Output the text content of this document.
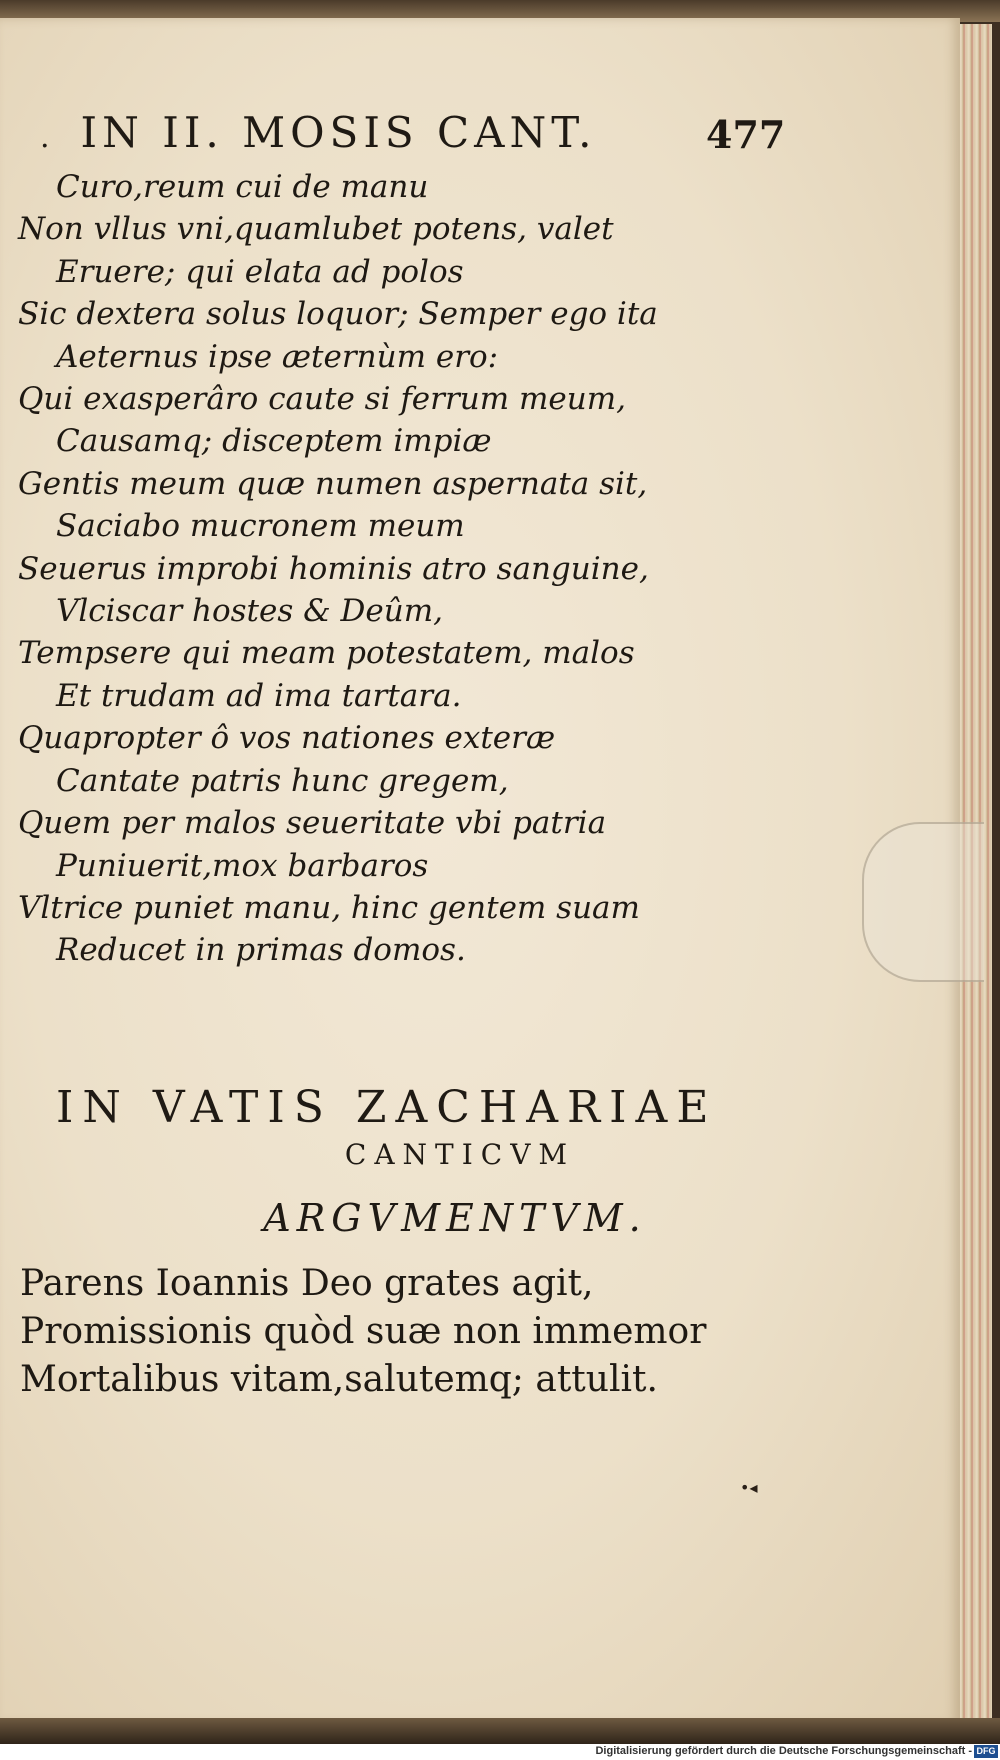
. IN II. MOSIS CANT.	477
Curo,reum cui de manu
Non vllus vni,quamlubet potens, valet
Eruere; qui elata ad polos
Sic dextera solus loquor; Semper ego ita
Aeternus ipse æternùm ero:
Qui exasperâro caute si ferrum meum,
Causamq; disceptem impiæ
Gentis meum quæ numen aspernata sit,
Saciabo mucronem meum
Seuerus improbi hominis atro sanguine,
Vlciscar hostes & Deûm,
Tempsere qui meam potestatem, malos
Et trudam ad ima tartara.
Quapropter ô vos nationes exteræ
Cantate patris hunc gregem,
Quem per malos seueritate vbi patria
Puniuerit,mox barbaros
Vltrice puniet manu, hinc gentem suam
Reducet in primas domos.
IN VATIS ZACHARIAE
CANTICVM
ARGVMENTVM.
Parens Ioannis Deo grates agit,
Promissionis quòd suæ non immemor
Mortalibus vitam,salutemq; attulit.
•◂
Digitalisierung gefördert durch die Deutsche Forschungsgemeinschaft - DFG
